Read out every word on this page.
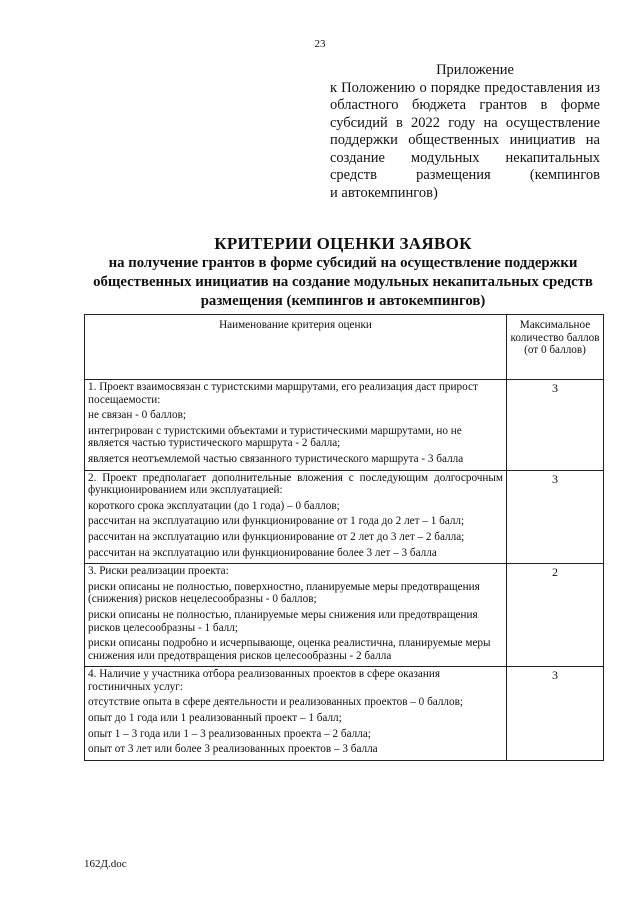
23
Приложение
к Положению о порядке предоставления из областного бюджета грантов в форме субсидий в 2022 году на осуществление поддержки общественных инициатив на создание модульных некапитальных средств размещения (кемпингов
и автокемпингов)
КРИТЕРИИ ОЦЕНКИ ЗАЯВОК
на получение грантов в форме субсидий на осуществление поддержки общественных инициатив на создание модульных некапитальных средств размещения (кемпингов и автокемпингов)
Наименование критерия оценки	Максимальное количество баллов (от 0 баллов)

1. Проект взаимосвязан с туристскими маршрутами, его реализация даст прирост посещаемости:
не связан - 0 баллов;
интегрирован с туристскими объектами и туристическими маршрутами, но не является частью туристического маршрута - 2 балла;
является неотъемлемой частью связанного туристического маршрута - 3 балла	3

2. Проект предполагает дополнительные вложения с последующим долгосрочным функционированием или эксплуатацией:
короткого срока эксплуатации (до 1 года) – 0 баллов;
рассчитан на эксплуатацию или функционирование от 1 года до 2 лет – 1 балл;
рассчитан на эксплуатацию или функционирование от 2 лет до 3 лет – 2 балла;
рассчитан на эксплуатацию или функционирование более 3 лет – 3 балла	3

3. Риски реализации проекта:
риски описаны не полностью, поверхностно, планируемые меры предотвращения (снижения) рисков нецелесообразны - 0 баллов;
риски описаны не полностью, планируемые меры снижения или предотвращения рисков целесообразны - 1 балл;
риски описаны подробно и исчерпывающе, оценка реалистична, планируемые меры снижения или предотвращения рисков целесообразны - 2 балла	2

4. Наличие у участника отбора реализованных проектов в сфере оказания гостиничных услуг:
отсутствие опыта в сфере деятельности и реализованных проектов – 0 баллов;
опыт до 1 года или 1 реализованный проект – 1 балл;
опыт 1 – 3 года или 1 – 3 реализованных проекта – 2 балла;
опыт от 3 лет или более 3 реализованных проектов – 3 балла	3
162Д.doc
